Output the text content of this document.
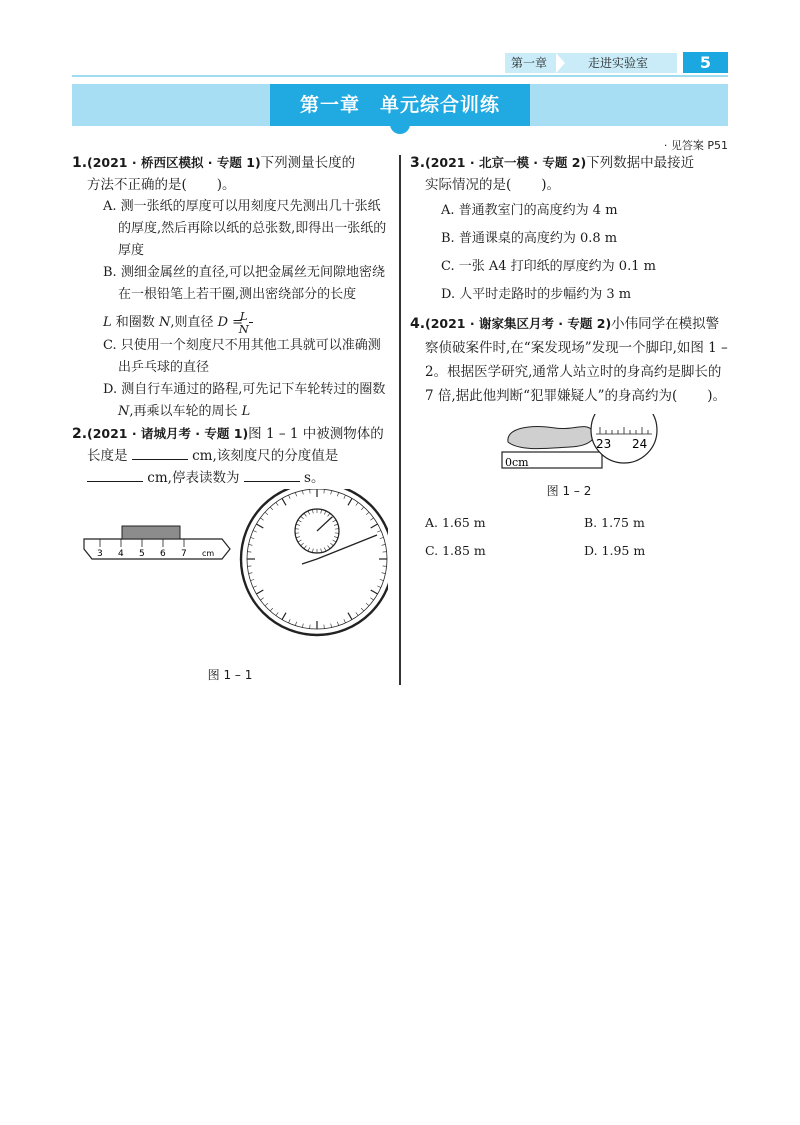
第一章	走进实验室	5
第一章　单元综合训练
· 见答案 P51
1. (2021 · 桥西区模拟 · 专题 1)下列测量长度的
方法不正确的是( )。
A. 测一张纸的厚度可以用刻度尺先测出几十张纸的厚度,然后再除以纸的总张数,即得出一张纸的厚度
B. 测细金属丝的直径,可以把金属丝无间隙地密绕在一根铅笔上若干圈,测出密绕部分的长度
L 和圈数 N,则直径 $D = \frac{L}{N}$
C. 只使用一个刻度尺不用其他工具就可以准确测出乒乓球的直径
D. 测自行车通过的路程,可先记下车轮转过的圈数 N,再乘以车轮的周长 L
2. (2021 · 诸城月考 · 专题 1)图 1 – 1 中被测物体的长度是	cm,该刻度尺的分度值是  cm,停表读数为	s。
3 4 5 6 7 cm
图 1 – 1
3. (2021 · 北京一模 · 专题 2)下列数据中最接近
实际情况的是( )。
A. 普通教室门的高度约为 4 m
B. 普通课桌的高度约为 0.8 m
C. 一张 A4 打印纸的厚度约为 0.1 m
D. 人平时走路时的步幅约为 3 m
4. (2021 · 谢家集区月考 · 专题 2)小伟同学在模拟警察侦破案件时,在“案发现场”发现一个脚印,如图 1 – 2。根据医学研究,通常人站立时的身高约是脚长的 7 倍,据此他判断“犯罪嫌疑人”的身高约为( )。
0cm
23 24
图 1 – 2
A. 1.65 m	B. 1.75 m
C. 1.85 m	D. 1.95 m
